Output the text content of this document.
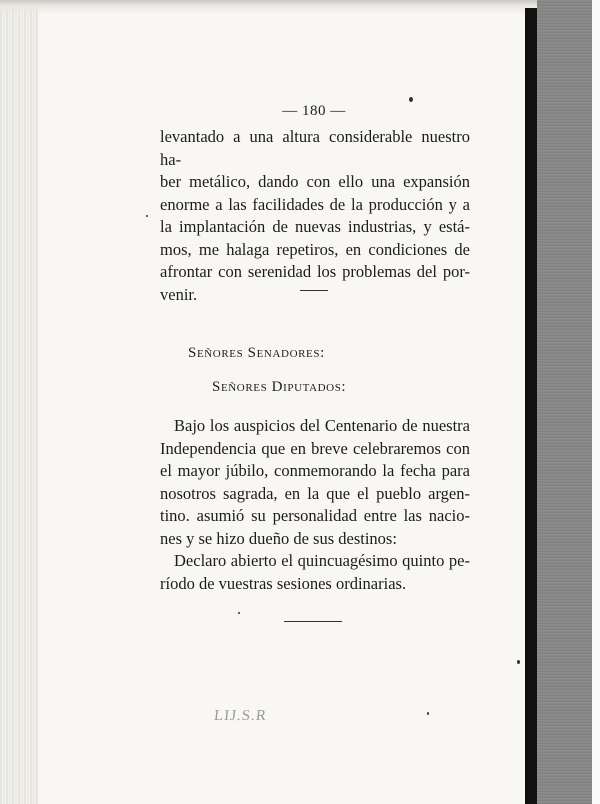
— 180 —

levantado a una altura considerable nuestro ha-
ber metálico, dando con ello una expansión
enorme a las facilidades de la producción y a
la implantación de nuevas industrias, y está-
mos, me halaga repetiros, en condiciones de
afrontar con serenidad los problemas del por-
venir.

Señores Senadores:
Señores Diputados:

Bajo los auspicios del Centenario de nuestra
Independencia que en breve celebraremos con
el mayor júbilo, conmemorando la fecha para
nosotros sagrada, en la que el pueblo argen-
tino. asumió su personalidad entre las nacio-
nes y se hizo dueño de sus destinos:
Declaro abierto el quincuagésimo quinto pe-
ríodo de vuestras sesiones ordinarias.

LIJ.S.R
